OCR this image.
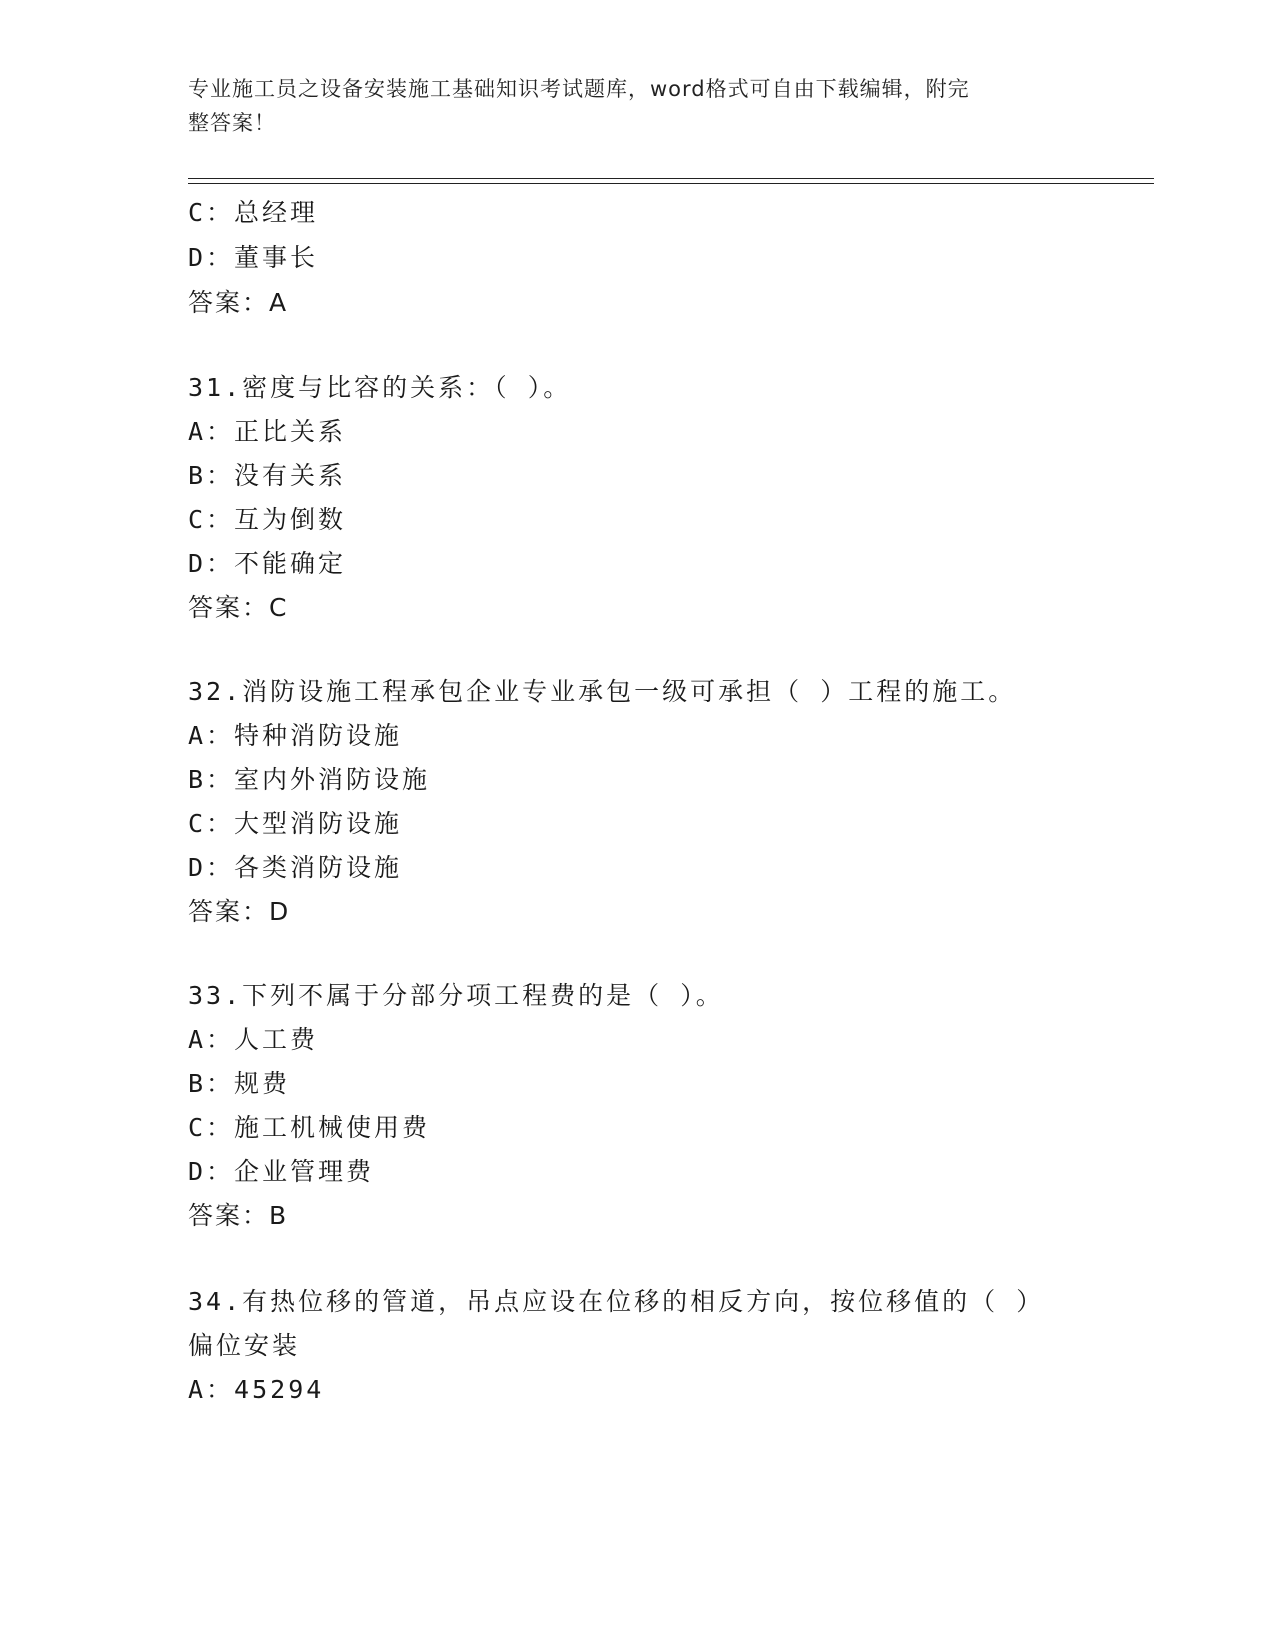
专业施工员之设备安装施工基础知识考试题库，word格式可自由下载编辑，附完
整答案！
C：总经理
D：董事长
答案：A
31.密度与比容的关系：（ ）。
A：正比关系
B：没有关系
C：互为倒数
D：不能确定
答案：C
32.消防设施工程承包企业专业承包一级可承担（ ）工程的施工。
A：特种消防设施
B：室内外消防设施
C：大型消防设施
D：各类消防设施
答案：D
33.下列不属于分部分项工程费的是（ ）。
A：人工费
B：规费
C：施工机械使用费
D：企业管理费
答案：B
34.有热位移的管道，吊点应设在位移的相反方向，按位移值的（ ）
偏位安装
A：45294
